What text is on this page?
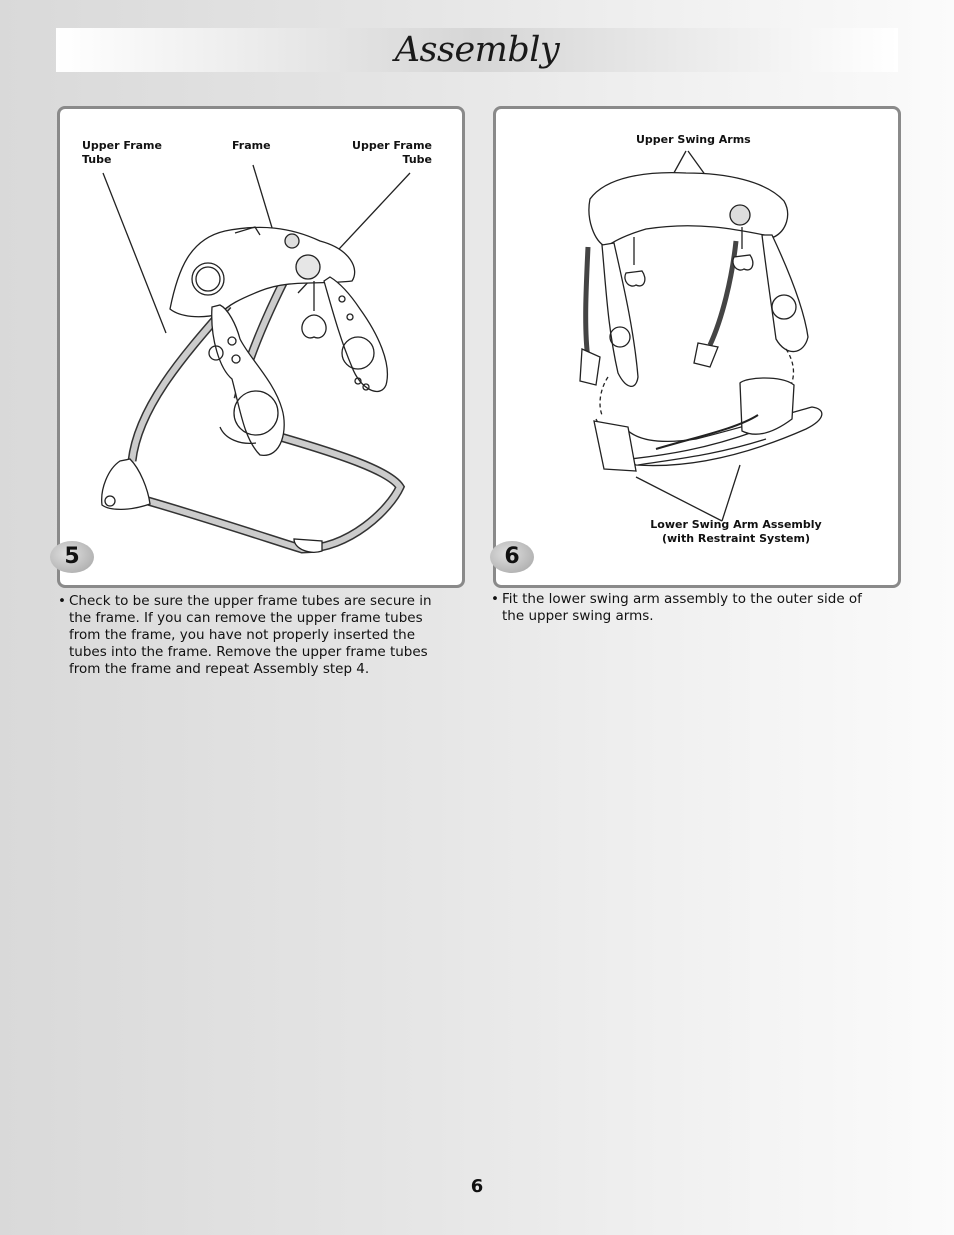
Assembly
Upper Frame
Tube
Frame	Upper Frame
Tube
5
• Check to be sure the upper frame tubes are secure in the frame. If you can remove the upper frame tubes from the frame, you have not properly inserted the tubes into the frame. Remove the upper frame tubes from the frame and repeat Assembly step 4.
Upper Swing Arms
Lower Swing Arm Assembly
(with Restraint System)
6
• Fit the lower swing arm assembly to the outer side of the upper swing arms.
6
